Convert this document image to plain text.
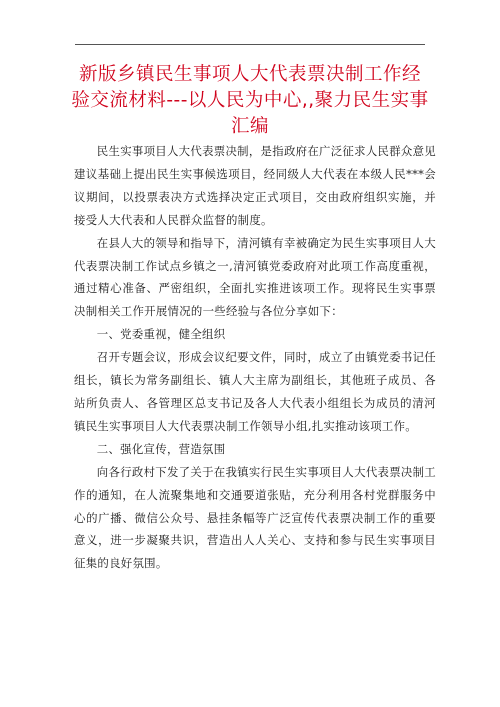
新版乡镇民生事项人大代表票决制工作经验交流材料---以人民为中心,,聚力民生实事汇编

民生实事项目人大代表票决制，是指政府在广泛征求人民群众意见建议基础上提出民生实事候选项目，经同级人大代表在本级人民***会议期间，以投票表决方式选择决定正式项目，交由政府组织实施，并接受人大代表和人民群众监督的制度。

在县人大的领导和指导下，清河镇有幸被确定为民生实事项目人大代表票决制工作试点乡镇之一,清河镇党委政府对此项工作高度重视，通过精心准备、严密组织，全面扎实推进该项工作。现将民生实事票决制相关工作开展情况的一些经验与各位分享如下：

一、党委重视，健全组织

召开专题会议，形成会议纪要文件，同时，成立了由镇党委书记任组长，镇长为常务副组长、镇人大主席为副组长，其他班子成员、各站所负责人、各管理区总支书记及各人大代表小组组长为成员的清河镇民生实事项目人大代表票决制工作领导小组,扎实推动该项工作。

二、强化宣传，营造氛围

向各行政村下发了关于在我镇实行民生实事项目人大代表票决制工作的通知，在人流聚集地和交通要道张贴，充分利用各村党群服务中心的广播、微信公众号、悬挂条幅等广泛宣传代表票决制工作的重要意义，进一步凝聚共识，营造出人人关心、支持和参与民生实事项目征集的良好氛围。
